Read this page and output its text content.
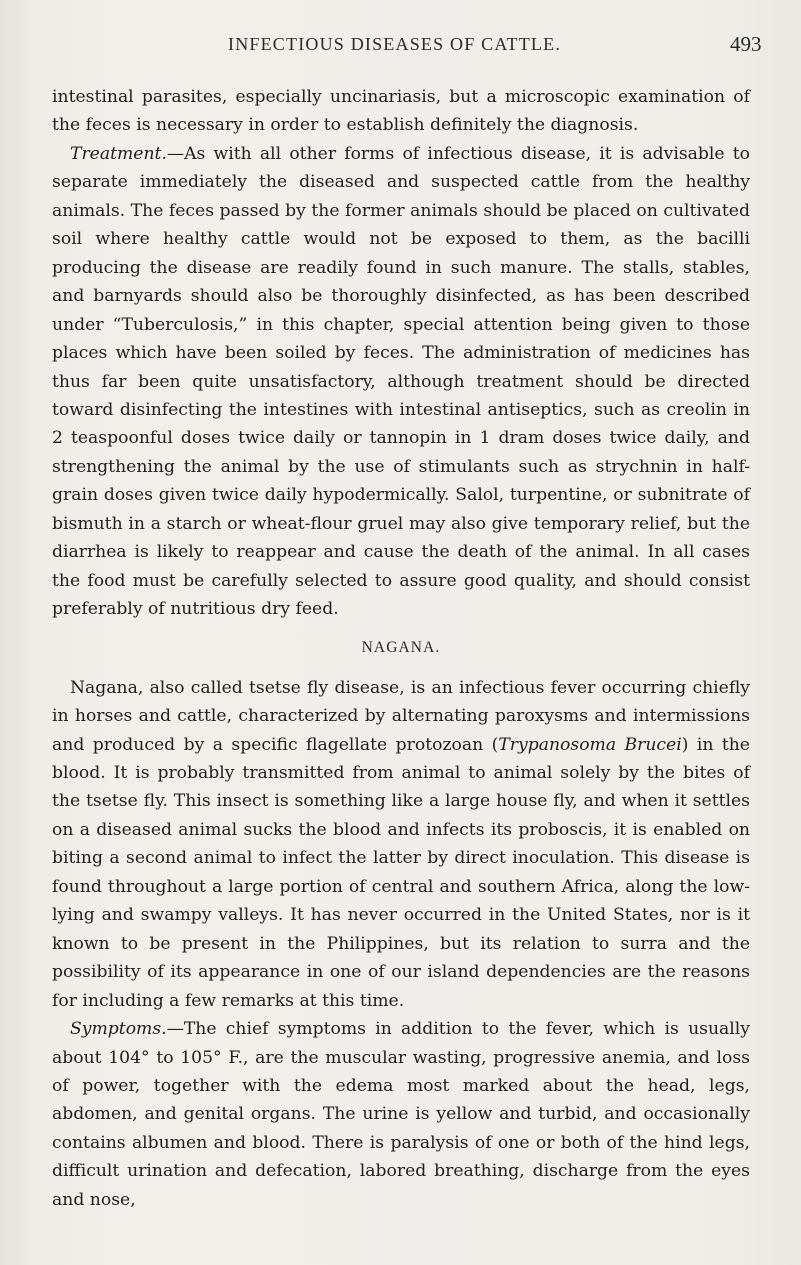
INFECTIOUS DISEASES OF CATTLE.	493

intestinal parasites, especially uncinariasis, but a microscopic examination of the feces is necessary in order to establish definitely the diagnosis.

Treatment.—As with all other forms of infectious disease, it is advisable to separate immediately the diseased and suspected cattle from the healthy animals. The feces passed by the former animals should be placed on cultivated soil where healthy cattle would not be exposed to them, as the bacilli producing the disease are readily found in such manure. The stalls, stables, and barnyards should also be thoroughly disinfected, as has been described under “Tuberculosis,” in this chapter, special attention being given to those places which have been soiled by feces. The administration of medicines has thus far been quite unsatisfactory, although treatment should be directed toward disinfecting the intestines with intestinal antiseptics, such as creolin in 2 teaspoonful doses twice daily or tannopin in 1 dram doses twice daily, and strengthening the animal by the use of stimulants such as strychnin in half-grain doses given twice daily hypodermically. Salol, turpentine, or subnitrate of bismuth in a starch or wheat-flour gruel may also give temporary relief, but the diarrhea is likely to reappear and cause the death of the animal. In all cases the food must be carefully selected to assure good quality, and should consist preferably of nutritious dry feed.

NAGANA.

Nagana, also called tsetse fly disease, is an infectious fever occurring chiefly in horses and cattle, characterized by alternating paroxysms and intermissions and produced by a specific flagellate protozoan (Trypanosoma Brucei) in the blood. It is probably transmitted from animal to animal solely by the bites of the tsetse fly. This insect is something like a large house fly, and when it settles on a diseased animal sucks the blood and infects its proboscis, it is enabled on biting a second animal to infect the latter by direct inoculation. This disease is found throughout a large portion of central and southern Africa, along the low-lying and swampy valleys. It has never occurred in the United States, nor is it known to be present in the Philippines, but its relation to surra and the possibility of its appearance in one of our island dependencies are the reasons for including a few remarks at this time.

Symptoms.—The chief symptoms in addition to the fever, which is usually about 104° to 105° F., are the muscular wasting, progressive anemia, and loss of power, together with the edema most marked about the head, legs, abdomen, and genital organs. The urine is yellow and turbid, and occasionally contains albumen and blood. There is paralysis of one or both of the hind legs, difficult urination and defecation, labored breathing, discharge from the eyes and nose,
